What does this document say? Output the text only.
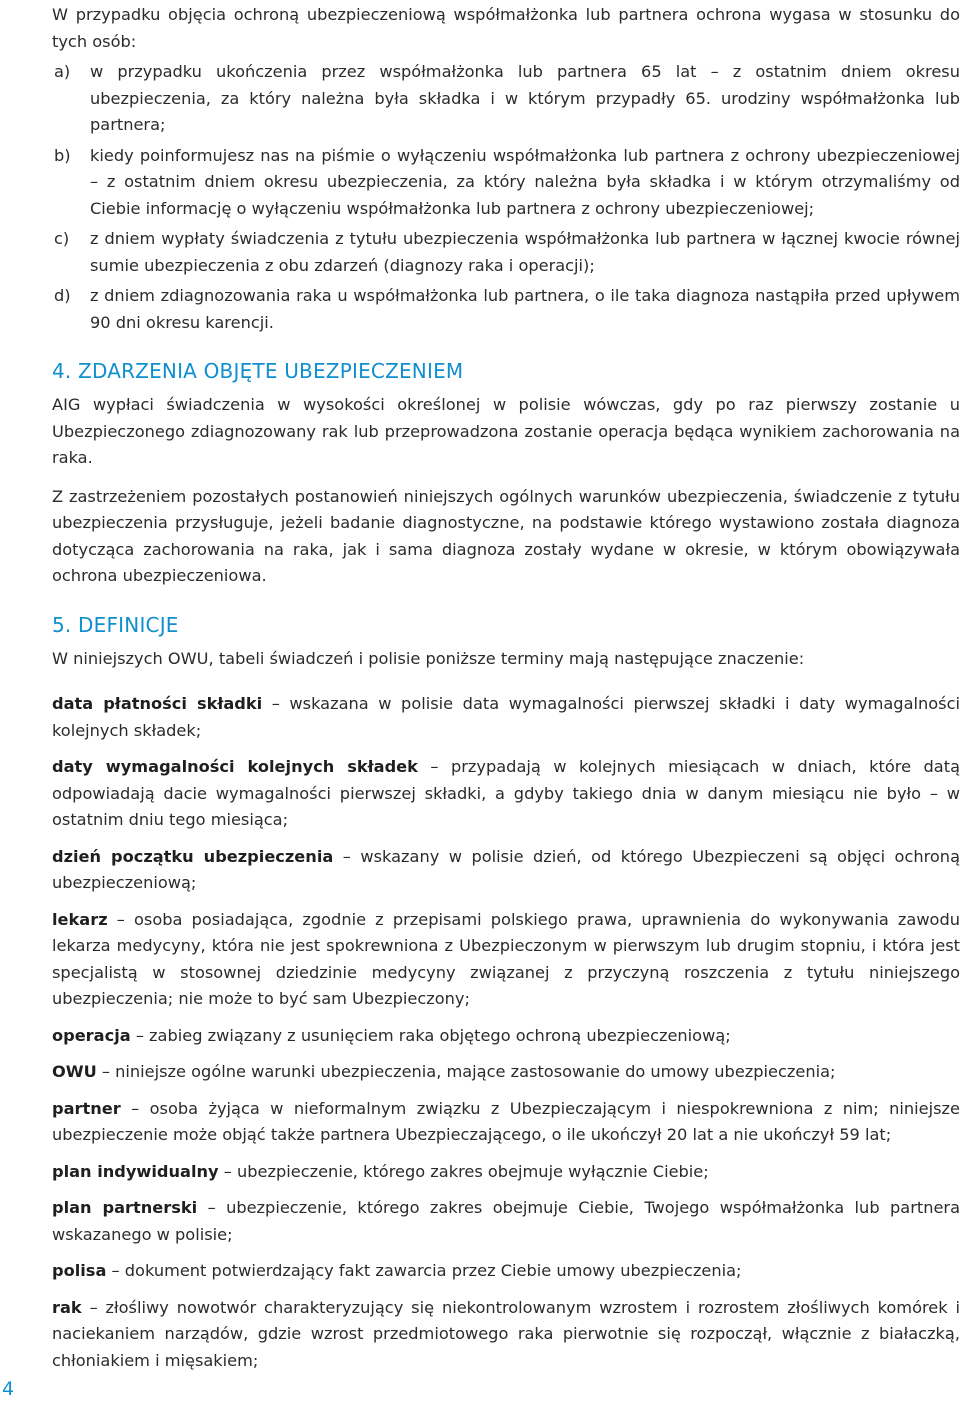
W przypadku objęcia ochroną ubezpieczeniową współmałżonka lub partnera ochrona wygasa w stosunku do tych osób:

a) w przypadku ukończenia przez współmałżonka lub partnera 65 lat – z ostatnim dniem okresu ubezpieczenia, za który należna była składka i w którym przypadły 65. urodziny współmałżonka lub partnera;
b) kiedy poinformujesz nas na piśmie o wyłączeniu współmałżonka lub partnera z ochrony ubezpieczeniowej – z ostatnim dniem okresu ubezpieczenia, za który należna była składka i w którym otrzymaliśmy od Ciebie informację o wyłączeniu współmałżonka lub partnera z ochrony ubezpieczeniowej;
c) z dniem wypłaty świadczenia z tytułu ubezpieczenia współmałżonka lub partnera w łącznej kwocie równej sumie ubezpieczenia z obu zdarzeń (diagnozy raka i operacji);
d) z dniem zdiagnozowania raka u współmałżonka lub partnera, o ile taka diagnoza nastąpiła przed upływem 90 dni okresu karencji.
4. ZDARZENIA OBJĘTE UBEZPIECZENIEM

AIG wypłaci świadczenia w wysokości określonej w polisie wówczas, gdy po raz pierwszy zostanie u Ubezpieczonego zdiagnozowany rak lub przeprowadzona zostanie operacja będąca wynikiem zachorowania na raka.

Z zastrzeżeniem pozostałych postanowień niniejszych ogólnych warunków ubezpieczenia, świadczenie z tytułu ubezpieczenia przysługuje, jeżeli badanie diagnostyczne, na podstawie którego wystawiono została diagnoza dotycząca zachorowania na raka, jak i sama diagnoza zostały wydane w okresie, w którym obowiązywała ochrona ubezpieczeniowa.

5. DEFINICJE

W niniejszych OWU, tabeli świadczeń i polisie poniższe terminy mają następujące znaczenie:

data płatności składki – wskazana w polisie data wymagalności pierwszej składki i daty wymagalności kolejnych składek;

daty wymagalności kolejnych składek – przypadają w kolejnych miesiącach w dniach, które datą odpowiadają dacie wymagalności pierwszej składki, a gdyby takiego dnia w danym miesiącu nie było – w ostatnim dniu tego miesiąca;

dzień początku ubezpieczenia – wskazany w polisie dzień, od którego Ubezpieczeni są objęci ochroną ubezpieczeniową;

lekarz – osoba posiadająca, zgodnie z przepisami polskiego prawa, uprawnienia do wykonywania zawodu lekarza medycyny, która nie jest spokrewniona z Ubezpieczonym w pierwszym lub drugim stopniu, i która jest specjalistą w stosownej dziedzinie medycyny związanej z przyczyną roszczenia z tytułu niniejszego ubezpieczenia; nie może to być sam Ubezpieczony;

operacja – zabieg związany z usunięciem raka objętego ochroną ubezpieczeniową;

OWU – niniejsze ogólne warunki ubezpieczenia, mające zastosowanie do umowy ubezpieczenia;

partner – osoba żyjąca w nieformalnym związku z Ubezpieczającym i niespokrewniona z nim; niniejsze ubezpieczenie może objąć także partnera Ubezpieczającego, o ile ukończył 20 lat a nie ukończył 59 lat;

plan indywidualny – ubezpieczenie, którego zakres obejmuje wyłącznie Ciebie;

plan partnerski – ubezpieczenie, którego zakres obejmuje Ciebie, Twojego współmałżonka lub partnera wskazanego w polisie;

polisa – dokument potwierdzający fakt zawarcia przez Ciebie umowy ubezpieczenia;

rak – złośliwy nowotwór charakteryzujący się niekontrolowanym wzrostem i rozrostem złośliwych komórek i naciekaniem narządów, gdzie wzrost przedmiotowego raka pierwotnie się rozpoczął, włącznie z białaczką, chłoniakiem i mięsakiem;

4
